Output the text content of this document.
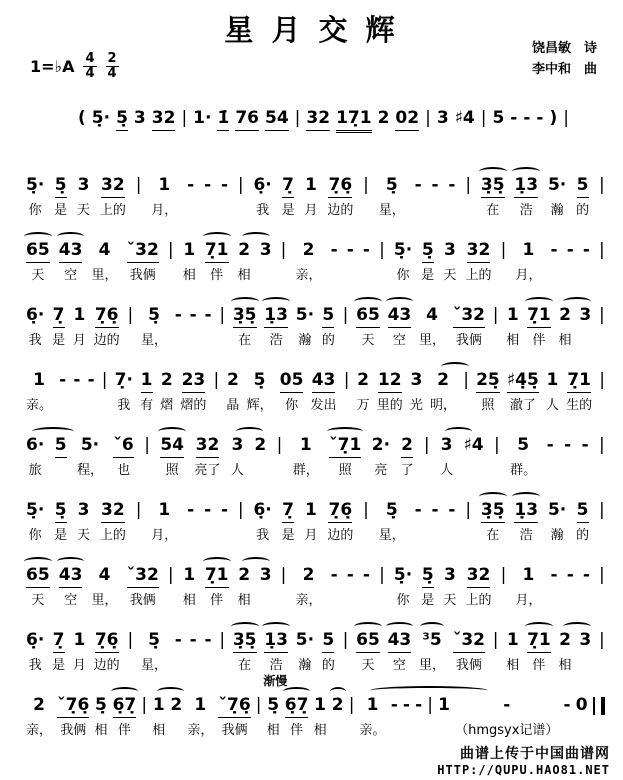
星 月 交 辉
饶昌敏　诗
李中和　曲
1=♭A $\frac{4}{4} \frac{2}{4}$
( 5̣· 5̣ 3 32 | 1· 1̇ 76 54 | 32 17̣1 2 02 | 3 ♯4 | 5 - - - ) |
5̣·
你
5̣
是
3
天
32
上的
| 1
月，
- - - | 6̣·
我
7̣
是
1
月
7̣6̣
边的
| 5̣
星，
- - - | 3̣5̣
在
1̣3
浩
5·
瀚
5
的
|
65
天
43
空
4
里，
ˇ32
我俩
| 1
相
7̣1
伴
2
相
3 | 2
亲，
- - - | 5̣·
你
5̣
是
3
天
32
上的
| 1
月，
- - - |
6̣·
我
7̣
是
1
月
7̣6̣
边的
| 5̣
星，
- - - | 3̣5̣
在
1̣3
浩
5·
瀚
5
的
| 65
天
43
空
4
里，
ˇ32
我俩
| 1
相
7̣1
伴
2
相
3 |
1
亲。
- - - | 7̣·
我
1
有
2
熠
23
熠的
| 2
晶
5̣
辉，
05
你
43
发出
| 2
万
12
里的
3
光
2
明，
| 25̣
照
♯4̣5̣
澈了
1
人
7̣1
生的
|
6·
旅
5 5·
程，
ˇ6
也
| 54
照
32
亮了
3
人
2 | 1
群，
ˇ7̣1
照
2·
亮
2
了
| 3
人
♯4 | 5
群。
- - - |
5̣·
你
5̣
是
3
天
32
上的
| 1
月，
- - - | 6̣·
我
7̣
是
1
月
7̣6̣
边的
| 5̣
星，
- - - | 3̣5̣
在
1̣3
浩
5·
瀚
5
的
|
65
天
43
空
4
里，
ˇ32
我俩
| 1
相
7̣1
伴
2
相
3 | 2
亲，
- - - | 5̣·
你
5̣
是
3
天
32
上的
| 1
月，
- - - |
6̣·
我
7̣
是
1
月
7̣6̣
边的
| 5̣
星，
- - - | 3̣5̣
在
1̣3
浩
5·
瀚
5
的
| 65
天
43
空
³5
里，
ˇ32
我俩
| 1
相
7̣1
伴
2
相
3 |
2
亲，
ˇ7̣6̣
我俩
5̣
相
6̣7̣
伴
| 1
相
2 1
亲，
ˇ7̣6̣
我俩
| 5̣
渐慢
相
6̣7̣
伴
1
相
2 | 1
亲。
- - - | 1	-
（hmgsyx记谱）
- 0
曲谱上传于中国曲谱网
HTTP://QUPU.HAO81.NET
